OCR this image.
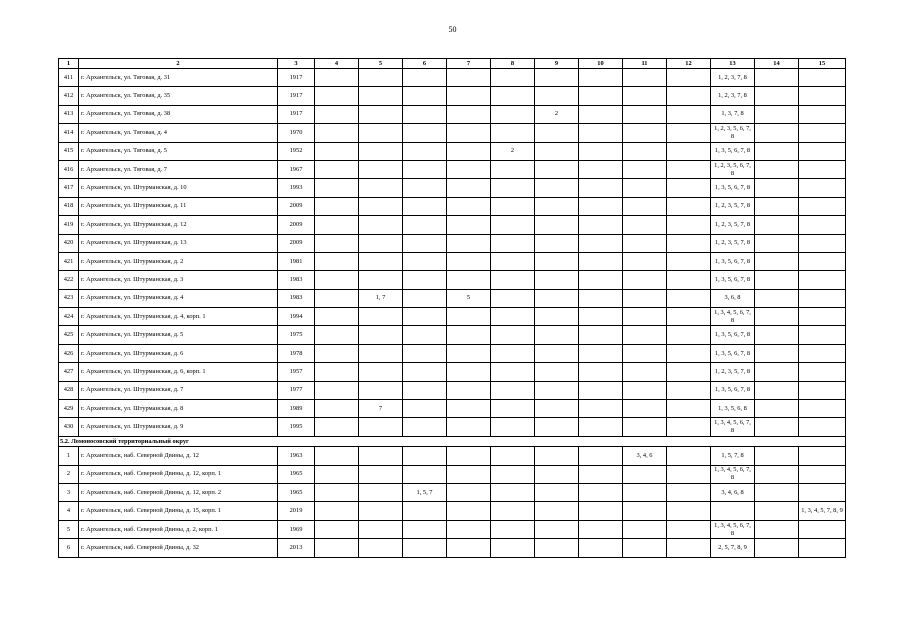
50
1	2	3	4	5	6	7	8	9	10	11	12	13	14	15
411	г. Архангельск, ул. Тяговая, д. 31	1917										1, 2, 3, 7, 8		
412	г. Архангельск, ул. Тяговая, д. 35	1917										1, 2, 3, 7, 8		
413	г. Архангельск, ул. Тяговая, д. 38	1917						2				1, 3, 7, 8		
414	г. Архангельск, ул. Тяговая, д. 4	1970										1, 2, 3, 5, 6, 7, 8		
415	г. Архангельск, ул. Тяговая, д. 5	1952					2					1, 3, 5, 6, 7, 8		
416	г. Архангельск, ул. Тяговая, д. 7	1967										1, 2, 3, 5, 6, 7, 8		
417	г. Архангельск, ул. Штурманская, д. 10	1993										1, 3, 5, 6, 7, 8		
418	г. Архангельск, ул. Штурманская, д. 11	2009										1, 2, 3, 5, 7, 8		
419	г. Архангельск, ул. Штурманская, д. 12	2009										1, 2, 3, 5, 7, 8		
420	г. Архангельск, ул. Штурманская, д. 13	2009										1, 2, 3, 5, 7, 8		
421	г. Архангельск, ул. Штурманская, д. 2	1981										1, 3, 5, 6, 7, 8		
422	г. Архангельск, ул. Штурманская, д. 3	1983										1, 3, 5, 6, 7, 8		
423	г. Архангельск, ул. Штурманская, д. 4	1983		1, 7		5						3, 6, 8		
424	г. Архангельск, ул. Штурманская, д. 4, корп. 1	1994										1, 3, 4, 5, 6, 7, 8		
425	г. Архангельск, ул. Штурманская, д. 5	1975										1, 3, 5, 6, 7, 8		
426	г. Архангельск, ул. Штурманская, д. 6	1978										1, 3, 5, 6, 7, 8		
427	г. Архангельск, ул. Штурманская, д. 6, корп. 1	1957										1, 2, 3, 5, 7, 8		
428	г. Архангельск, ул. Штурманская, д. 7	1977										1, 3, 5, 6, 7, 8		
429	г. Архангельск, ул. Штурманская, д. 8	1989		7								1, 3, 5, 6, 8		
430	г. Архангельск, ул. Штурманская, д. 9	1995										1, 3, 4, 5, 6, 7, 8		
5.2. Ломоносовский территориальный округ														
1	г. Архангельск, наб. Северной Двины, д. 12	1963								3, 4, 6		1, 5, 7, 8		
2	г. Архангельск, наб. Северной Двины, д. 12, корп. 1	1965										1, 3, 4, 5, 6, 7, 8		
3	г. Архангельск, наб. Северной Двины, д. 12, корп. 2	1965			1, 5, 7							3, 4, 6, 8		
4	г. Архангельск, наб. Северной Двины, д. 15, корп. 1	2019												1, 3, 4, 5, 7, 8, 9
5	г. Архангельск, наб. Северной Двины, д. 2, корп. 1	1969										1, 3, 4, 5, 6, 7, 8		
6	г. Архангельск, наб. Северной Двины, д. 32	2013										2, 5, 7, 8, 9		
